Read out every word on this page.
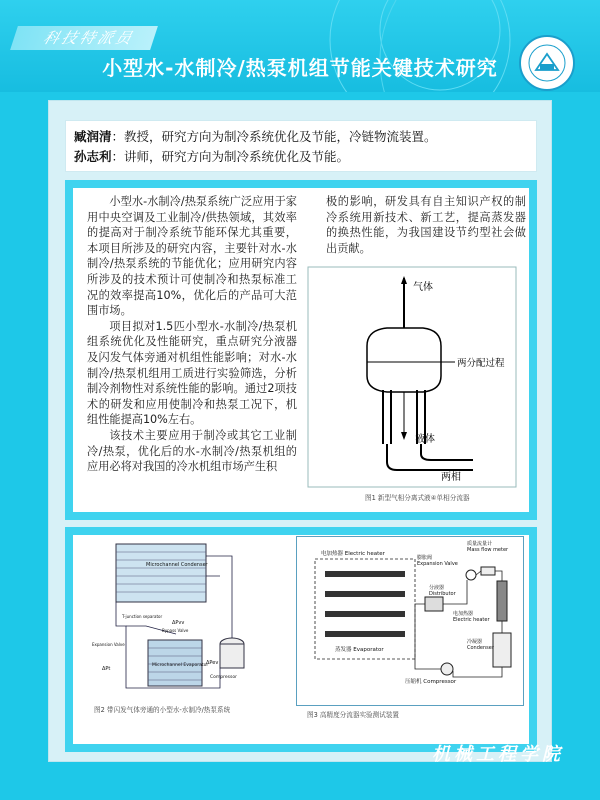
科技特派员
小型水-水制冷/热泵机组节能关键技术研究

臧润清：教授，研究方向为制冷系统优化及节能，冷链物流装置。

孙志利：讲师，研究方向为制冷系统优化及节能。

小型水-水制冷/热泵系统广泛应用于家用中央空调及工业制冷/供热领域，其效率的提高对于制冷系统节能环保尤其重要，本项目所涉及的研究内容，主要针对水-水制冷/热泵系统的节能优化；应用研究内容所涉及的技术预计可使制冷和热泵标准工况的效率提高10%，优化后的产品可大范围市场。

项目拟对1.5匹小型水-水制冷/热泵机组系统优化及性能研究，重点研究分液器及闪发气体旁通对机组性能影响；对水-水制冷/热泵机组用工质进行实验筛选，分析制冷剂物性对系统性能的影响。通过2项技术的研发和应用使制冷和热泵工况下，机组性能提高10%左右。

该技术主要应用于制冷或其它工业制冷/热泵，优化后的水-水制冷/热泵机组的应用必将对我国的冷水机组市场产生积

极的影响，研发具有自主知识产权的制冷系统用新技术、新工艺，提高蒸发器的换热性能，为我国建设节约型社会做出贡献。

气体
两分配过程
液体
两相
图1 新型气相分离式液④单相分流器
Microchannel Condenser
Microchannel Evaporator
Compressor
T-junction separator
Expansion Valve
Bypass Valve
ΔPvv
ΔPev
ΔPt
图2 带闪发气体旁通的小型水-水制冷/热泵系统
电加热器 Electric heater
蒸发器 Evaporator
分液器
Distributor
膨胀阀
Expansion Valve
质量流量计
Mass flow meter
电加热器
Electric heater
冷凝器
Condenser
压缩机 Compressor
图3 高精度分流器实验测试装置
机械工程学院
